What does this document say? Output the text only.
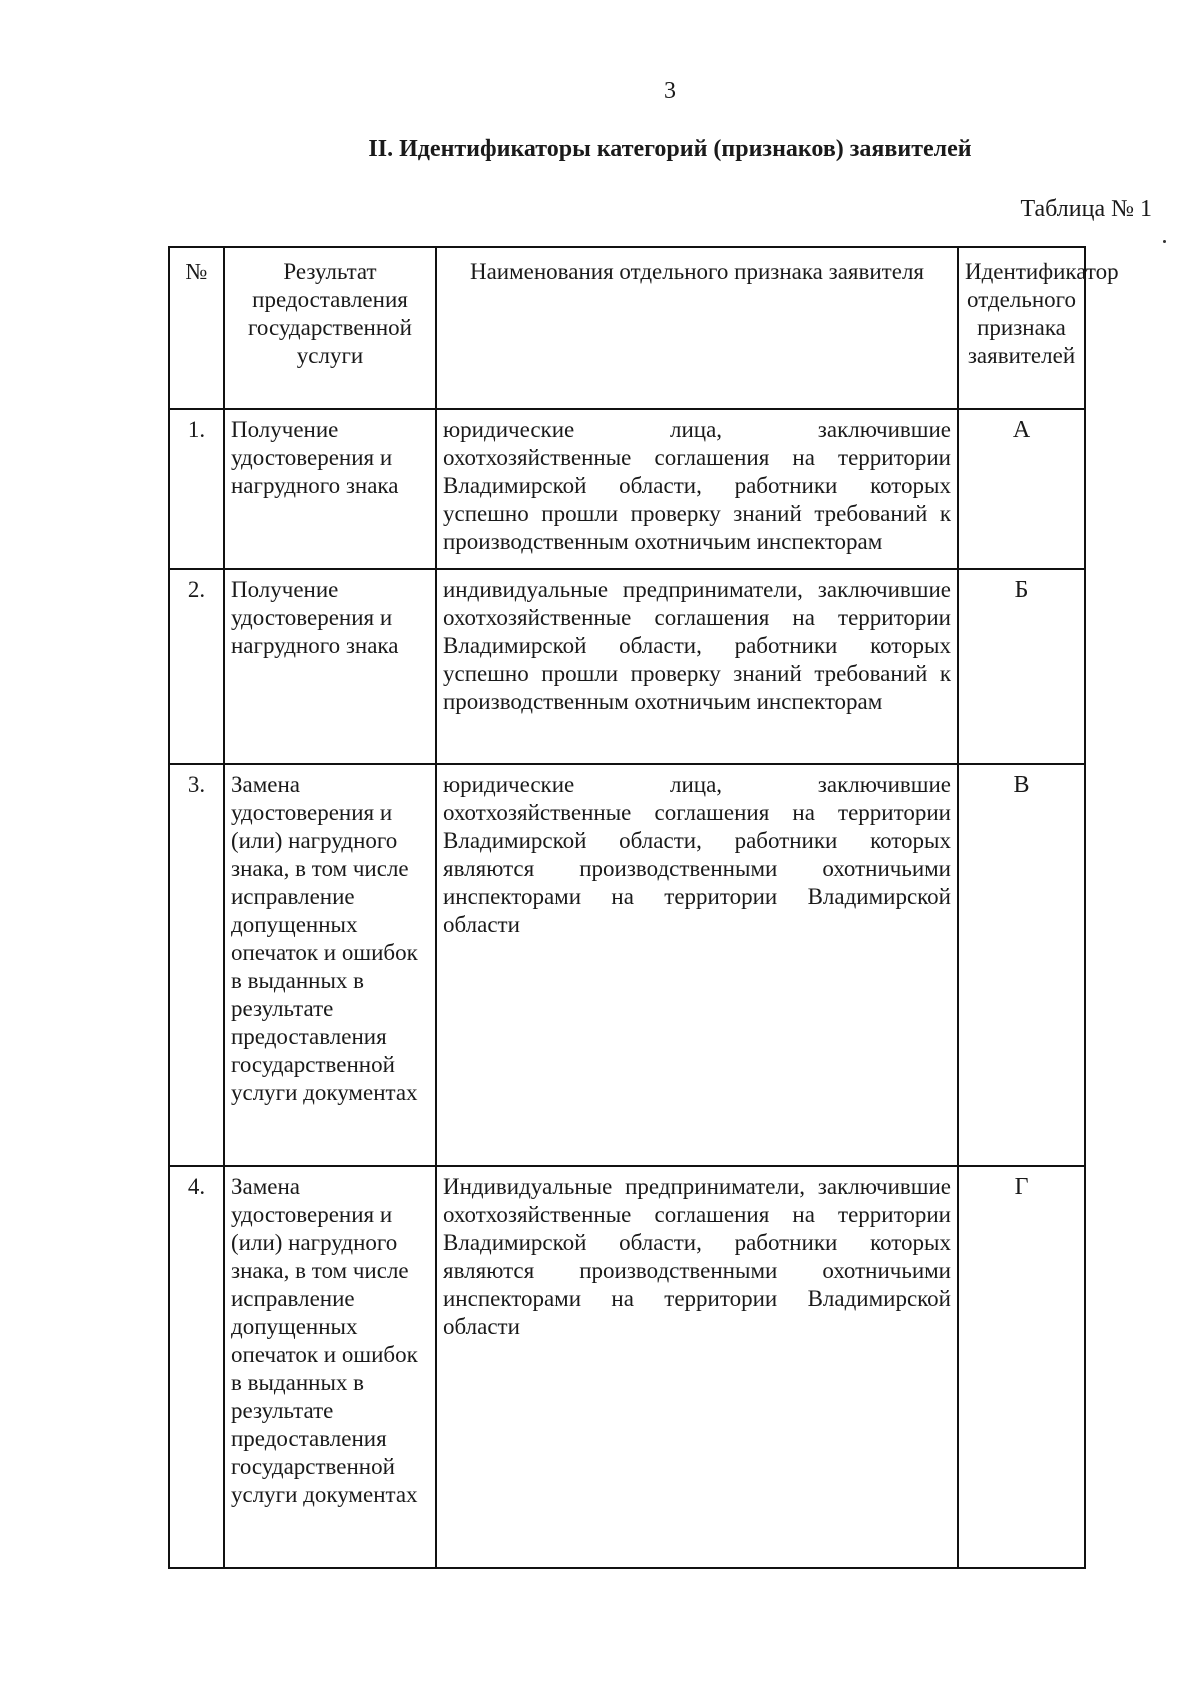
3
II. Идентификаторы категорий (признаков) заявителей
Таблица № 1
№	Результат предоставления государственной услуги	Наименования отдельного признака заявителя	Идентификатор отдельного признака заявителей
1.	Получение удостоверения и нагрудного знака	юридические лица, заключившие охотхозяйственные соглашения на территории Владимирской области, работники которых успешно прошли проверку знаний требований к производственным охотничьим инспекторам	А
2.	Получение удостоверения и нагрудного знака	индивидуальные предприниматели, заключившие охотхозяйственные соглашения на территории Владимирской области, работники которых успешно прошли проверку знаний требований к производственным охотничьим инспекторам	Б
3.	Замена удостоверения и (или) нагрудного знака, в том числе исправление допущенных опечаток и ошибок в выданных в результате предоставления государственной услуги документах	юридические лица, заключившие охотхозяйственные соглашения на территории Владимирской области, работники которых являются производственными охотничьими инспекторами на территории Владимирской области	В
4.	Замена удостоверения и (или) нагрудного знака, в том числе исправление допущенных опечаток и ошибок в выданных в результате предоставления государственной услуги документах	Индивидуальные предприниматели, заключившие охотхозяйственные соглашения на территории Владимирской области, работники которых являются производственными охотничьими инспекторами на территории Владимирской области	Г
